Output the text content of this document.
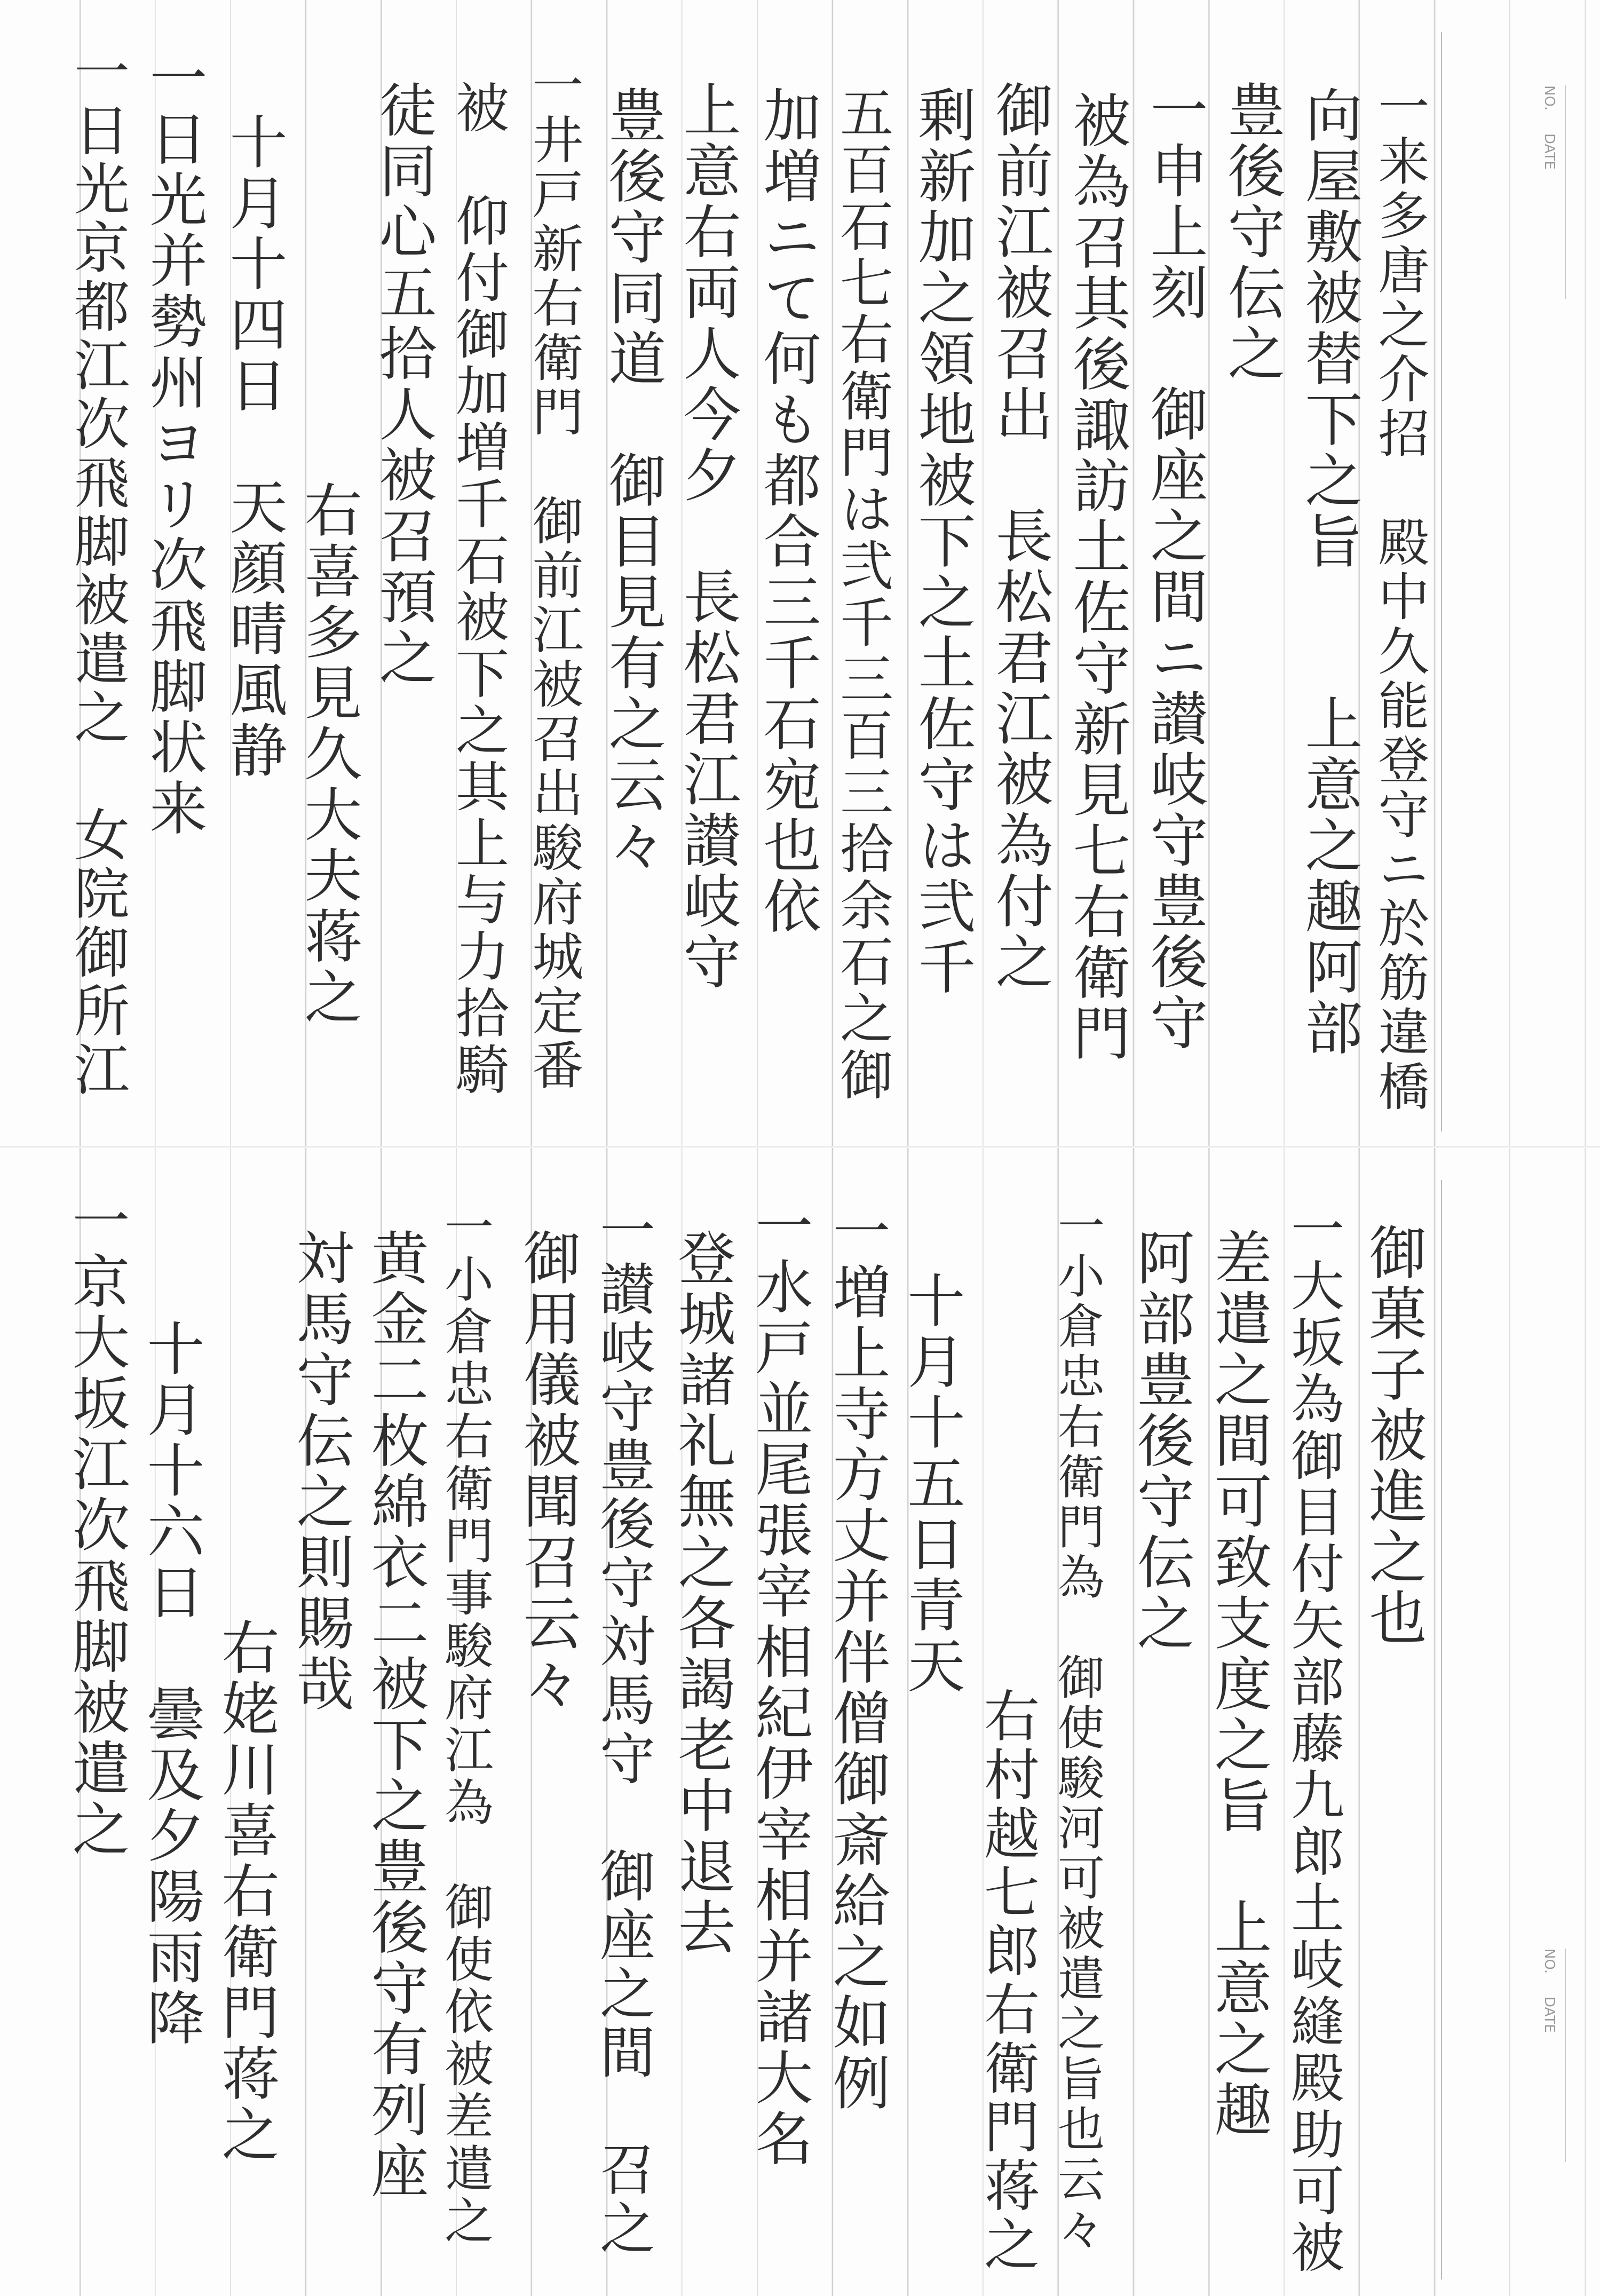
一来多唐之介招　殿中久能登守ニ於筋違橋
向屋敷被替下之旨　　上意之趣阿部
豊後守伝之
一申上刻　御座之間ニ讃岐守豊後守
被為召其後諏訪土佐守新見七右衛門
御前江被召出　長松君江被為付之
剰新加之領地被下之土佐守は弐千
五百石七右衛門は弐千三百三拾余石之御
加増ニて何も都合三千石宛也依
上意右両人今夕　長松君江讃岐守
豊後守同道　御目見有之云々
一井戸新右衛門　御前江被召出駿府城定番
被　仰付御加増千石被下之其上与力拾騎
徒同心五拾人被召預之
右喜多見久大夫蒋之
十月十四日　天顔晴風静
一日光并勢州ヨリ次飛脚状来
一日光京都江次飛脚被遣之　女院御所江	NO.
DATE
御菓子被進之也
一大坂為御目付矢部藤九郎土岐縫殿助可被
差遣之間可致支度之旨　上意之趣
阿部豊後守伝之
一小倉忠右衛門為　御使駿河可被遣之旨也云々
右村越七郎右衛門蒋之
十月十五日青天
一増上寺方丈并伴僧御斎給之如例
一水戸並尾張宰相紀伊宰相并諸大名
登城諸礼無之各謁老中退去
一讃岐守豊後守対馬守　御座之間　召之
御用儀被聞召云々
一小倉忠右衛門事駿府江為　御使依被差遣之
黄金二枚綿衣二被下之豊後守有列座
対馬守伝之則賜哉
右姥川喜右衛門蒋之
十月十六日　曇及夕陽雨降
一京大坂江次飛脚被遣之
NO.
DATE
